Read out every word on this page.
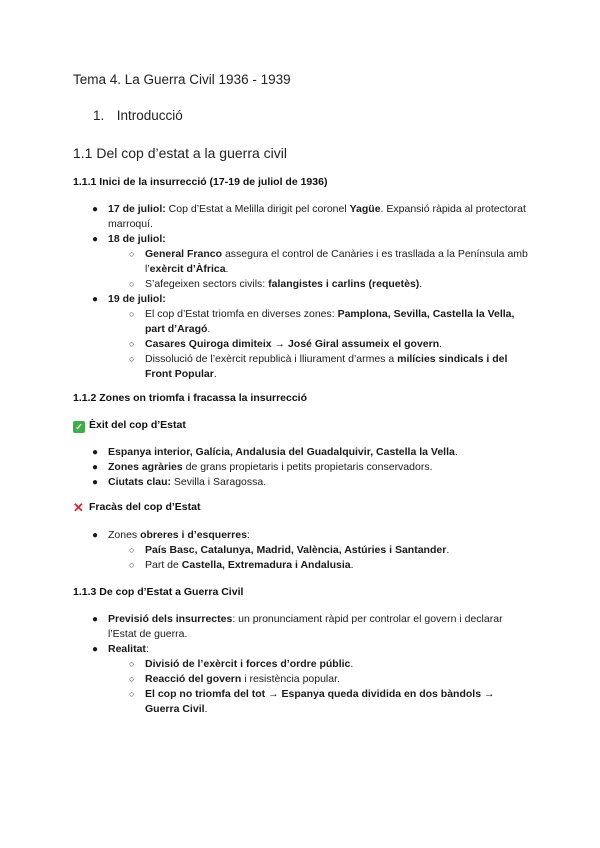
Tema 4. La Guerra Civil 1936 - 1939
1. Introducció
1.1 Del cop d’estat a la guerra civil
1.1.1 Inici de la insurrecció (17-19 de juliol de 1936)
● 17 de juliol: Cop d’Estat a Melilla dirigit pel coronel Yagüe. Expansió ràpida al protectorat marroquí.
● 18 de juliol:
○ General Franco assegura el control de Canàries i es trasllada a la Península amb l’exèrcit d’Àfrica.
○ S’afegeixen sectors civils: falangistes i carlins (requetès).
● 19 de juliol:
○ El cop d’Estat triomfa en diverses zones: Pamplona, Sevilla, Castella la Vella, part d’Aragó.
○ Casares Quiroga dimiteix → José Giral assumeix el govern.
○ Dissolució de l’exèrcit republicà i lliurament d’armes a milícies sindicals i del Front Popular.
1.1.2 Zones on triomfa i fracassa la insurrecció
✓ Èxit del cop d’Estat
● Espanya interior, Galícia, Andalusia del Guadalquivir, Castella la Vella.
● Zones agràries de grans propietaris i petits propietaris conservadors.
● Ciutats clau: Sevilla i Saragossa.
✕ Fracàs del cop d’Estat
● Zones obreres i d’esquerres:
○ País Basc, Catalunya, Madrid, València, Astúries i Santander.
○ Part de Castella, Extremadura i Andalusia.
1.1.3 De cop d’Estat a Guerra Civil
● Previsió dels insurrectes: un pronunciament ràpid per controlar el govern i declarar l’Estat de guerra.
● Realitat:
○ Divisió de l’exèrcit i forces d’ordre públic.
○ Reacció del govern i resistència popular.
○ El cop no triomfa del tot → Espanya queda dividida en dos bàndols → Guerra Civil.
